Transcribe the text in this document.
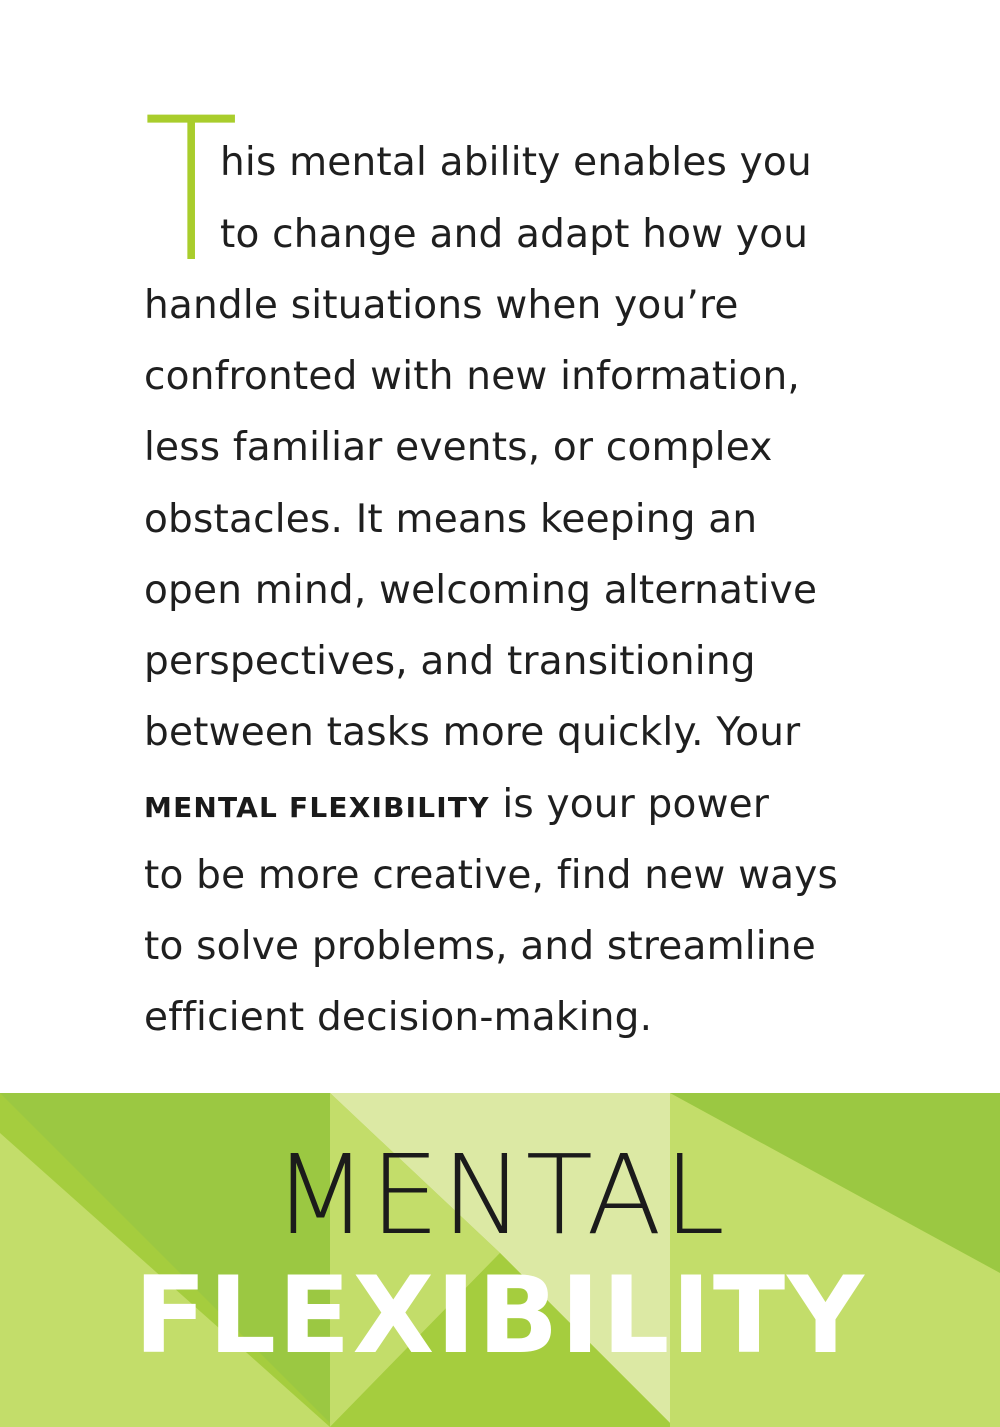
T
his mental ability enables you
to change and adapt how you
handle situations when you’re
confronted with new information,
less familiar events, or complex
obstacles. It means keeping an
open mind, welcoming alternative
perspectives, and transitioning
between tasks more quickly. Your
MENTAL FLEXIBILITY is your power
to be more creative, find new ways
to solve problems, and streamline
efficient decision-making.
MENTAL
FLEXIBILITY
